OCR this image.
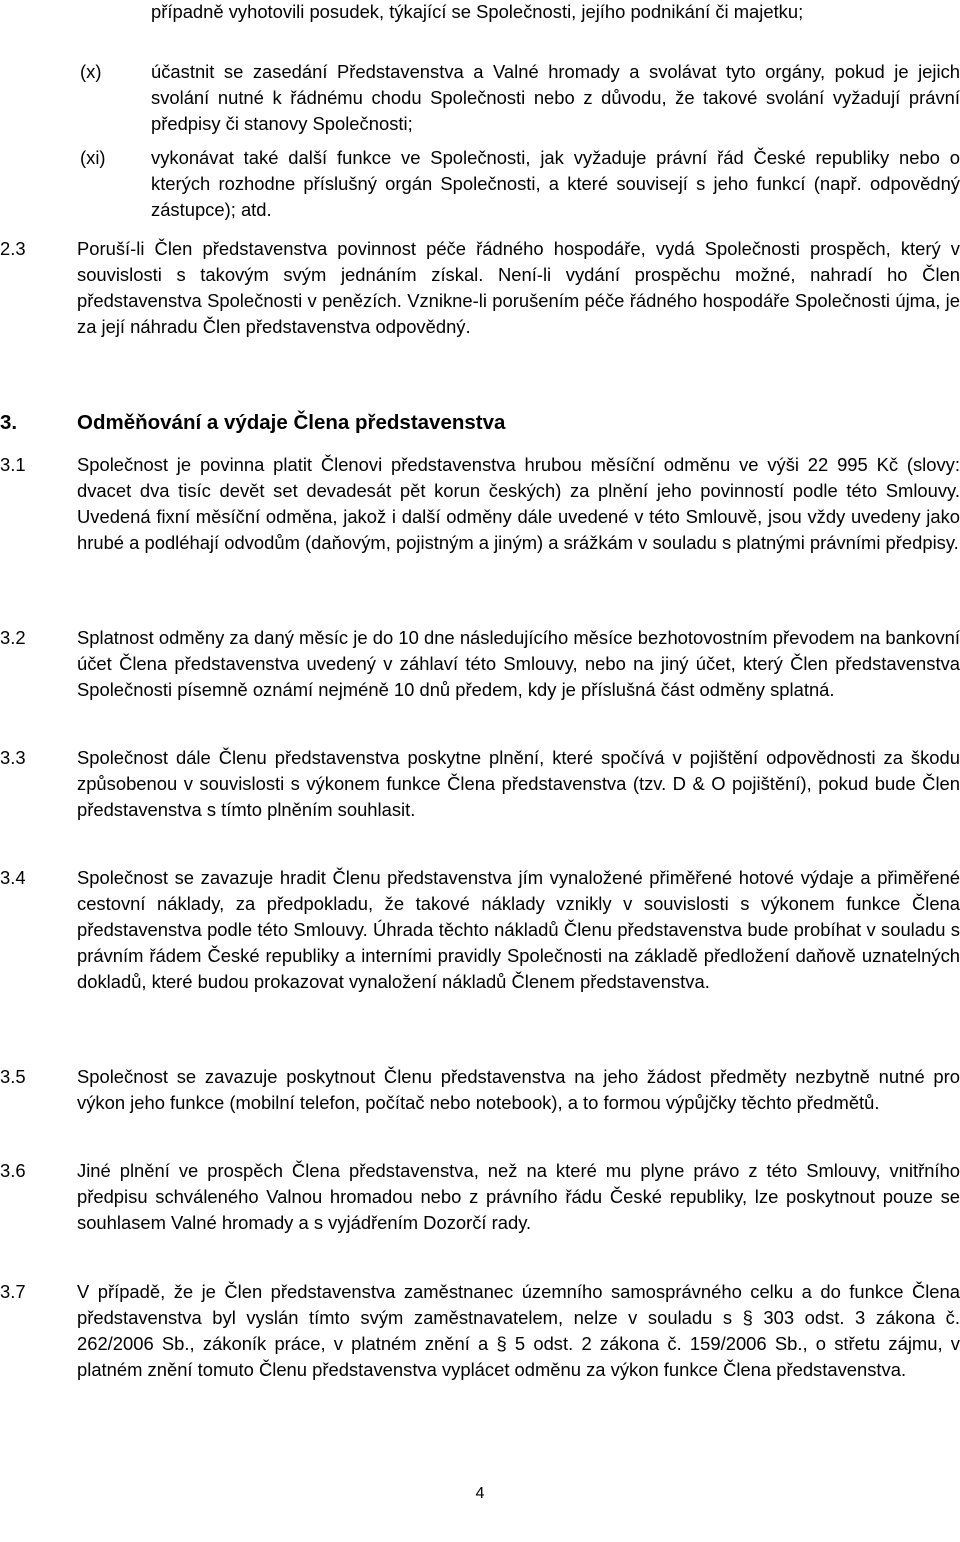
případně vyhotovili posudek, týkající se Společnosti, jejího podnikání či majetku;

(x)	účastnit se zasedání Představenstva a Valné hromady a svolávat tyto orgány, pokud je jejich svolání nutné k řádnému chodu Společnosti nebo z důvodu, že takové svolání vyžadují právní předpisy či stanovy Společnosti;

(xi) vykonávat také další funkce ve Společnosti, jak vyžaduje právní řád České republiky nebo o kterých rozhodne příslušný orgán Společnosti, a které souvisejí s jeho funkcí (např. odpovědný zástupce); atd.

2.3	Poruší-li Člen představenstva povinnost péče řádného hospodáře, vydá Společnosti prospěch, který v souvislosti s takovým svým jednáním získal. Není-li vydání prospěchu možné, nahradí ho Člen představenstva Společnosti v penězích. Vznikne-li porušením péče řádného hospodáře Společnosti újma, je za její náhradu Člen představenstva odpovědný.

3.	Odměňování a výdaje Člena představenstva
3.1	Společnost je povinna platit Členovi představenstva hrubou měsíční odměnu ve výši 22 995 Kč (slovy: dvacet dva tisíc devět set devadesát pět korun českých) za plnění jeho povinností podle této Smlouvy. Uvedená fixní měsíční odměna, jakož i další odměny dále uvedené v této Smlouvě, jsou vždy uvedeny jako hrubé a podléhají odvodům (daňovým, pojistným a jiným) a srážkám v souladu s platnými právními předpisy.

3.2	Splatnost odměny za daný měsíc je do 10 dne následujícího měsíce bezhotovostním převodem na bankovní účet Člena představenstva uvedený v záhlaví této Smlouvy, nebo na jiný účet, který Člen představenstva Společnosti písemně oznámí nejméně 10 dnů předem, kdy je příslušná část odměny splatná.

3.3	Společnost dále Členu představenstva poskytne plnění, které spočívá v pojištění odpovědnosti za škodu způsobenou v souvislosti s výkonem funkce Člena představenstva (tzv. D & O pojištění), pokud bude Člen představenstva s tímto plněním souhlasit.

3.4	Společnost se zavazuje hradit Členu představenstva jím vynaložené přiměřené hotové výdaje a přiměřené cestovní náklady, za předpokladu, že takové náklady vznikly v souvislosti s výkonem funkce Člena představenstva podle této Smlouvy. Úhrada těchto nákladů Členu představenstva bude probíhat v souladu s právním řádem České republiky a interními pravidly Společnosti na základě předložení daňově uznatelných dokladů, které budou prokazovat vynaložení nákladů Členem představenstva.

3.5	Společnost se zavazuje poskytnout Členu představenstva na jeho žádost předměty nezbytně nutné pro výkon jeho funkce (mobilní telefon, počítač nebo notebook), a to formou výpůjčky těchto předmětů.

3.6	Jiné plnění ve prospěch Člena představenstva, než na které mu plyne právo z této Smlouvy, vnitřního předpisu schváleného Valnou hromadou nebo z právního řádu České republiky, lze poskytnout pouze se souhlasem Valné hromady a s vyjádřením Dozorčí rady.

3.7	V případě, že je Člen představenstva zaměstnanec územního samosprávného celku a do funkce Člena představenstva byl vyslán tímto svým zaměstnavatelem, nelze v souladu s § 303 odst. 3 zákona č. 262/2006 Sb., zákoník práce, v platném znění a § 5 odst. 2 zákona č. 159/2006 Sb., o střetu zájmu, v platném znění tomuto Členu představenstva vyplácet odměnu za výkon funkce Člena představenstva.

4
